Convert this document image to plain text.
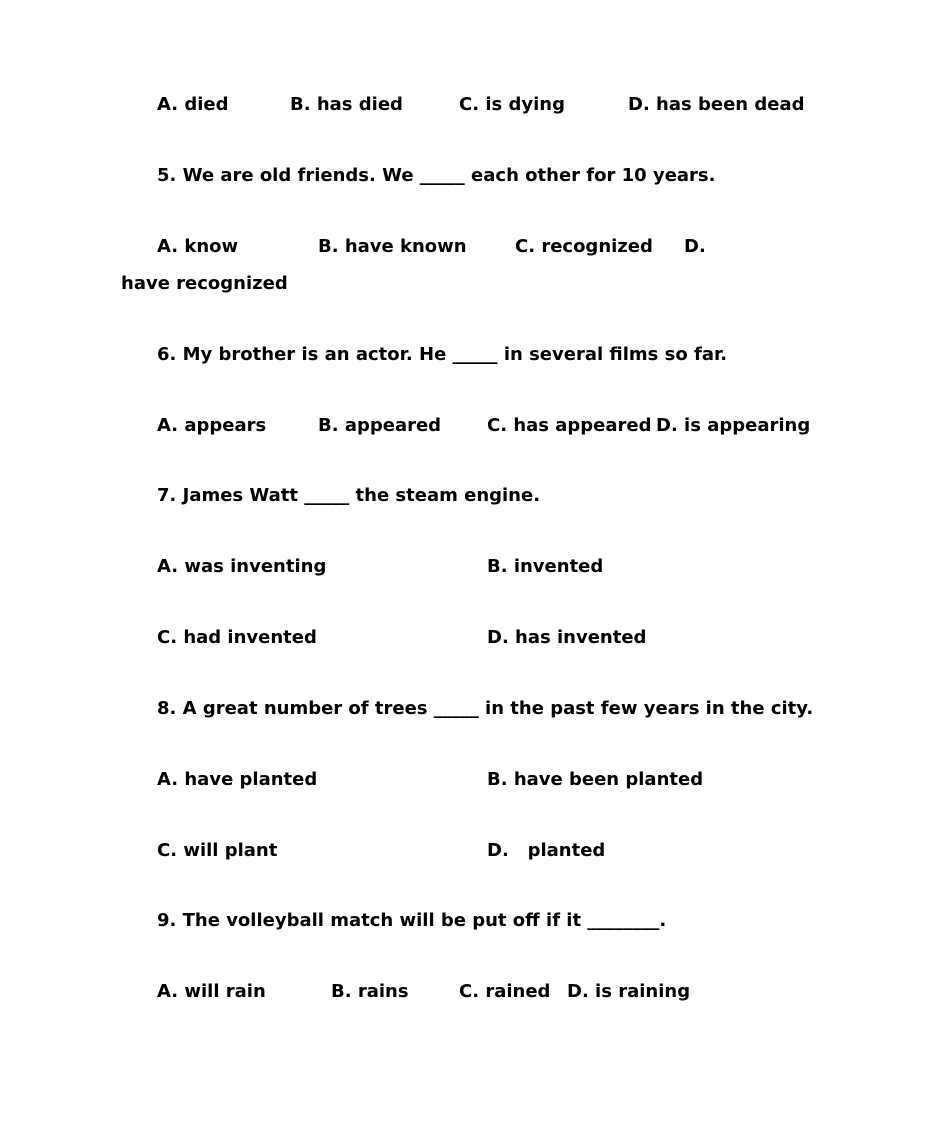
A. died	B. has died	C. is dying	D. has been dead
5. We are old friends. We _____ each other for 10 years.
A. know	B. have known	C. recognized D.
have recognized
6. My brother is an actor. He _____ in several films so far.
A. appears	B. appeared	C. has appeared D. is appearing
7. James Watt _____ the steam engine.
A. was inventing	B. invented
C. had invented	D. has invented
8. A great number of trees _____ in the past few years in the city.
A. have planted	B. have been planted
C. will plant	D.   planted
9. The volleyball match will be put off if it ________.
A. will rain	B. rains	C. rained D. is raining
